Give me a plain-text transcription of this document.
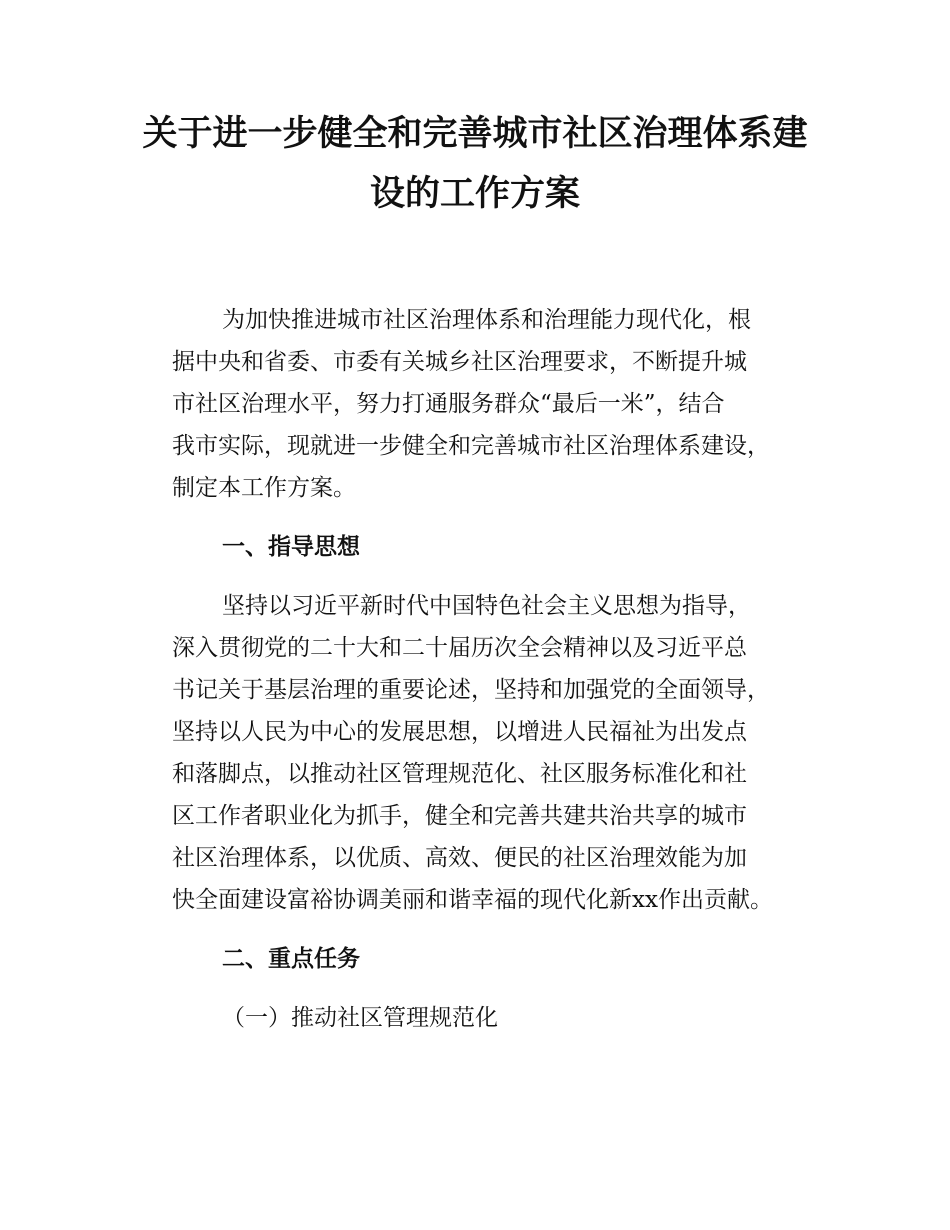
关于进一步健全和完善城市社区治理体系建
设的工作方案
为加快推进城市社区治理体系和治理能力现代化，根
据中央和省委、市委有关城乡社区治理要求，不断提升城
市社区治理水平，努力打通服务群众“最后一米”，结合
我市实际，现就进一步健全和完善城市社区治理体系建设，
制定本工作方案。
一、指导思想
坚持以习近平新时代中国特色社会主义思想为指导，
深入贯彻党的二十大和二十届历次全会精神以及习近平总
书记关于基层治理的重要论述，坚持和加强党的全面领导，
坚持以人民为中心的发展思想，以增进人民福祉为出发点
和落脚点，以推动社区管理规范化、社区服务标准化和社
区工作者职业化为抓手，健全和完善共建共治共享的城市
社区治理体系，以优质、高效、便民的社区治理效能为加
快全面建设富裕协调美丽和谐幸福的现代化新xx作出贡献。
二、重点任务
（一）推动社区管理规范化
